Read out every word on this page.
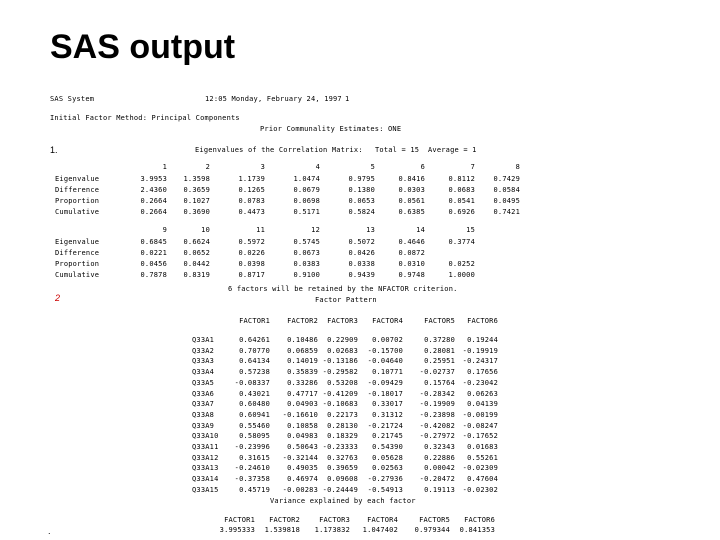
SAS output
SAS System	12:05 Monday, February 24, 1997 1
Initial Factor Method: Principal Components
Prior Communality Estimates: ONE
1.	Eigenvalues of the Correlation Matrix: Total = 15 Average = 1
1	2	3	4	5	6	7	8
Eigenvalue	3.9953	1.3598	1.1739	1.0474	0.9795	0.8416	0.8112	0.7429
Difference	2.4360	0.3659	0.1265	0.0679	0.1380	0.0303	0.0683	0.0584
Proportion	0.2664	0.1027	0.0783	0.0698	0.0653	0.0561	0.0541	0.0495
Cumulative	0.2664	0.3690	0.4473	0.5171	0.5824	0.6385	0.6926	0.7421
9	10	11	12	13	14	15
Eigenvalue	0.6845	0.6624	0.5972	0.5745	0.5072	0.4646	0.3774
Difference	0.0221	0.0652	0.0226	0.0673	0.0426	0.0872
Proportion	0.0456	0.0442	0.0398	0.0383	0.0338	0.0310	0.0252
Cumulative	0.7878	0.8319	0.8717	0.9100	0.9439	0.9748	1.0000
6 factors will be retained by the NFACTOR criterion.
2	Factor Pattern
FACTOR1	FACTOR2	FACTOR3	FACTOR4	FACTOR5	FACTOR6
Q33A1	0.64261	0.10486	0.22909	0.00702	0.37280	0.19244
Q33A2	0.70770	0.06859	0.02683	-0.15700	0.28081	-0.19919
Q33A3	0.64134	0.14019 -0.13186	-0.04640	0.25951	-0.24317
Q33A4	0.57238	0.35839 -0.29582	0.10771	-0.02737	0.17656
Q33A5	-0.08337	0.33286	0.53208	-0.09429	0.15764	-0.23042
Q33A6	0.43021	0.47717 -0.41209	-0.18017	-0.28342	0.06263
Q33A7	0.60480	0.04903 -0.10683	0.33017	-0.19909	0.04139
Q33A8	0.60941	-0.16610	0.22173	0.31312	-0.23898	-0.00199
Q33A9	0.55460	0.10858	0.28130	-0.21724	-0.42082	-0.08247
Q33A10	0.58095	0.04983	0.18329	0.21745	-0.27972	-0.17652
Q33A11	-0.23996	0.50643 -0.23333	0.54390	0.32343	0.01683
Q33A12	0.31615	-0.32144	0.32763	0.05628	0.22886	0.55261
Q33A13	-0.24610	0.49035	0.39659	0.02563	0.00042	-0.02309
Q33A14	-0.37358	0.46974	0.09608	-0.27936	-0.20472	0.47604
Q33A15	0.45719	-0.00283 -0.24449	-0.54913	0.19113	-0.02302
Variance explained by each factor
FACTOR1	FACTOR2	FACTOR3	FACTOR4	FACTOR5	FACTOR6
3.995333	1.539818	1.173832	1.047402	0.979344	0.841353
.
